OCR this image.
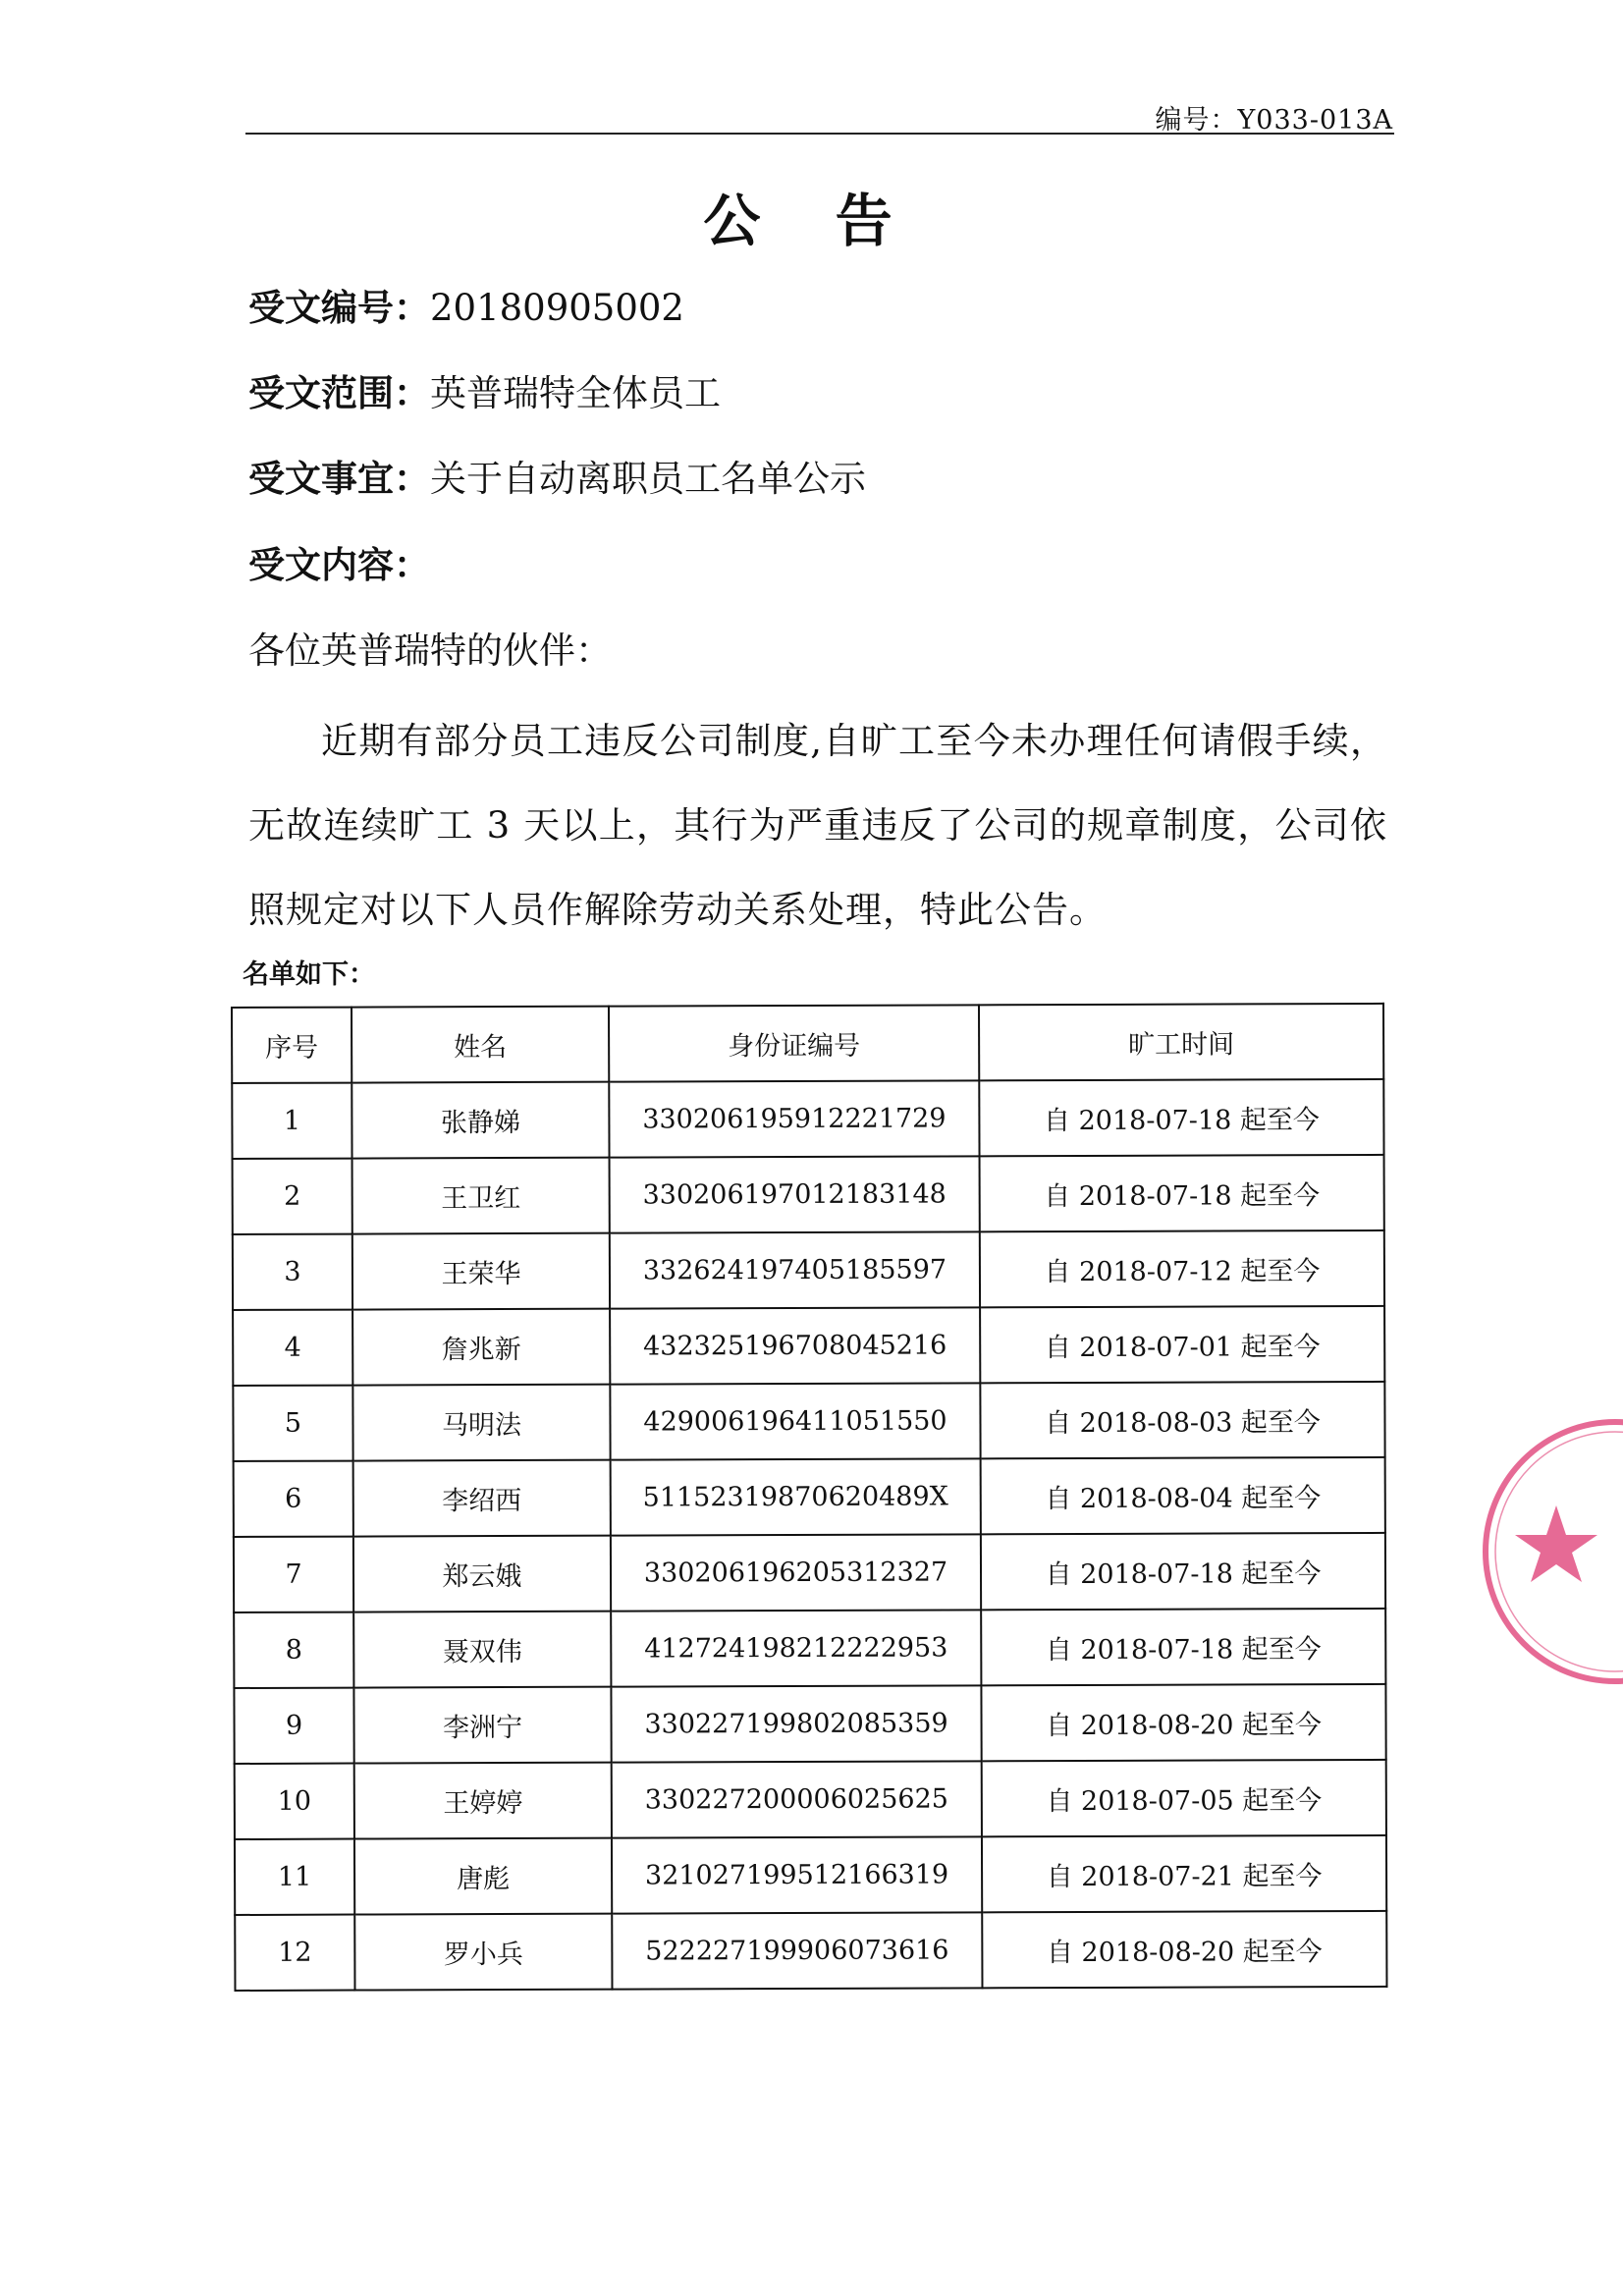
编号：Y033-013A
公 告
受文编号：20180905002
受文范围：英普瑞特全体员工
受文事宜：关于自动离职员工名单公示
受文内容：
各位英普瑞特的伙伴：
近期有部分员工违反公司制度,自旷工至今未办理任何请假手续，无故连续旷工 3 天以上，其行为严重违反了公司的规章制度，公司依照规定对以下人员作解除劳动关系处理，特此公告。
名单如下：
序号	姓名	身份证编号	旷工时间
1	张静娣	330206195912221729	自 2018-07-18 起至今
2	王卫红	330206197012183148	自 2018-07-18 起至今
3	王荣华	332624197405185597	自 2018-07-12 起至今
4	詹兆新	432325196708045216	自 2018-07-01 起至今
5	马明法	429006196411051550	自 2018-08-03 起至今
6	李绍西	51152319870620489X	自 2018-08-04 起至今
7	郑云娥	330206196205312327	自 2018-07-18 起至今
8	聂双伟	412724198212222953	自 2018-07-18 起至今
9	李洲宁	330227199802085359	自 2018-08-20 起至今
10	王婷婷	330227200006025625	自 2018-07-05 起至今
11	唐彪	321027199512166319	自 2018-07-21 起至今
12	罗小兵	522227199906073616	自 2018-08-20 起至今
